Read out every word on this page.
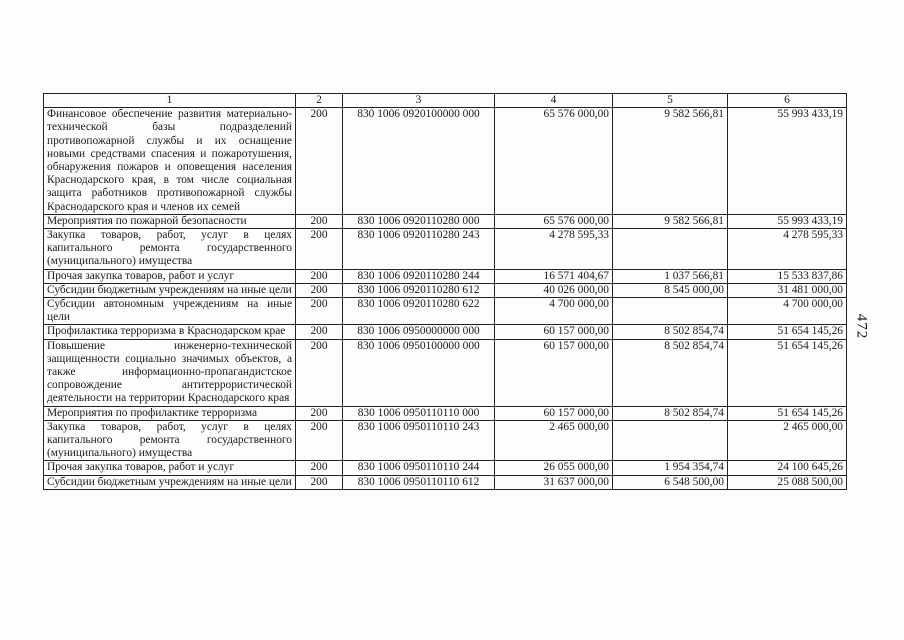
1	2	3	4	5	6
Финансовое обеспечение развития материально-технической базы подразделений противопожарной службы и их оснащение новыми средствами спасения и пожаротушения, обнаружения пожаров и оповещения населения Краснодарского края, в том числе социальная защита работников противопожарной службы Краснодарского края и членов их семей	200	830 1006 0920100000 000	65 576 000,00	9 582 566,81	55 993 433,19
Мероприятия по пожарной безопасности	200	830 1006 0920110280 000	65 576 000,00	9 582 566,81	55 993 433,19
Закупка товаров, работ, услуг в целях капитального ремонта государственного (муниципального) имущества	200	830 1006 0920110280 243	4 278 595,33		4 278 595,33
Прочая закупка товаров, работ и услуг	200	830 1006 0920110280 244	16 571 404,67	1 037 566,81	15 533 837,86
Субсидии бюджетным учреждениям на иные цели	200	830 1006 0920110280 612	40 026 000,00	8 545 000,00	31 481 000,00
Субсидии автономным учреждениям на иные цели	200	830 1006 0920110280 622	4 700 000,00		4 700 000,00
Профилактика терроризма в Краснодарском крае	200	830 1006 0950000000 000	60 157 000,00	8 502 854,74	51 654 145,26
Повышение инженерно-технической защищенности социально значимых объектов, а также информационно-пропагандистское сопровождение антитеррористической деятельности на территории Краснодарского края	200	830 1006 0950100000 000	60 157 000,00	8 502 854,74	51 654 145,26
Мероприятия по профилактике терроризма	200	830 1006 0950110110 000	60 157 000,00	8 502 854,74	51 654 145,26
Закупка товаров, работ, услуг в целях капитального ремонта государственного (муниципального) имущества	200	830 1006 0950110110 243	2 465 000,00		2 465 000,00
Прочая закупка товаров, работ и услуг	200	830 1006 0950110110 244	26 055 000,00	1 954 354,74	24 100 645,26
Субсидии бюджетным учреждениям на иные цели	200	830 1006 0950110110 612	31 637 000,00	6 548 500,00	25 088 500,00
472
